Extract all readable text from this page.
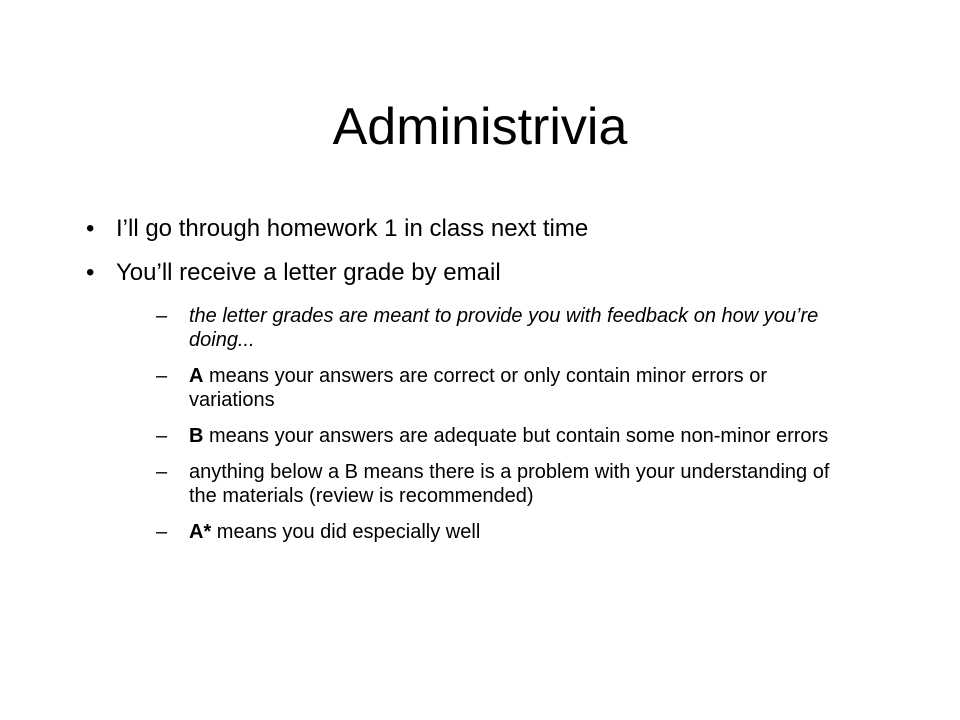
Administrivia
• I’ll go through homework 1 in class next time
• You’ll receive a letter grade by email
– the letter grades are meant to provide you with feedback on how you’re doing...
– A means your answers are correct or only contain minor errors or variations
– B means your answers are adequate but contain some non-minor errors
– anything below a B means there is a problem with your understanding of the materials (review is recommended)
– A* means you did especially well
